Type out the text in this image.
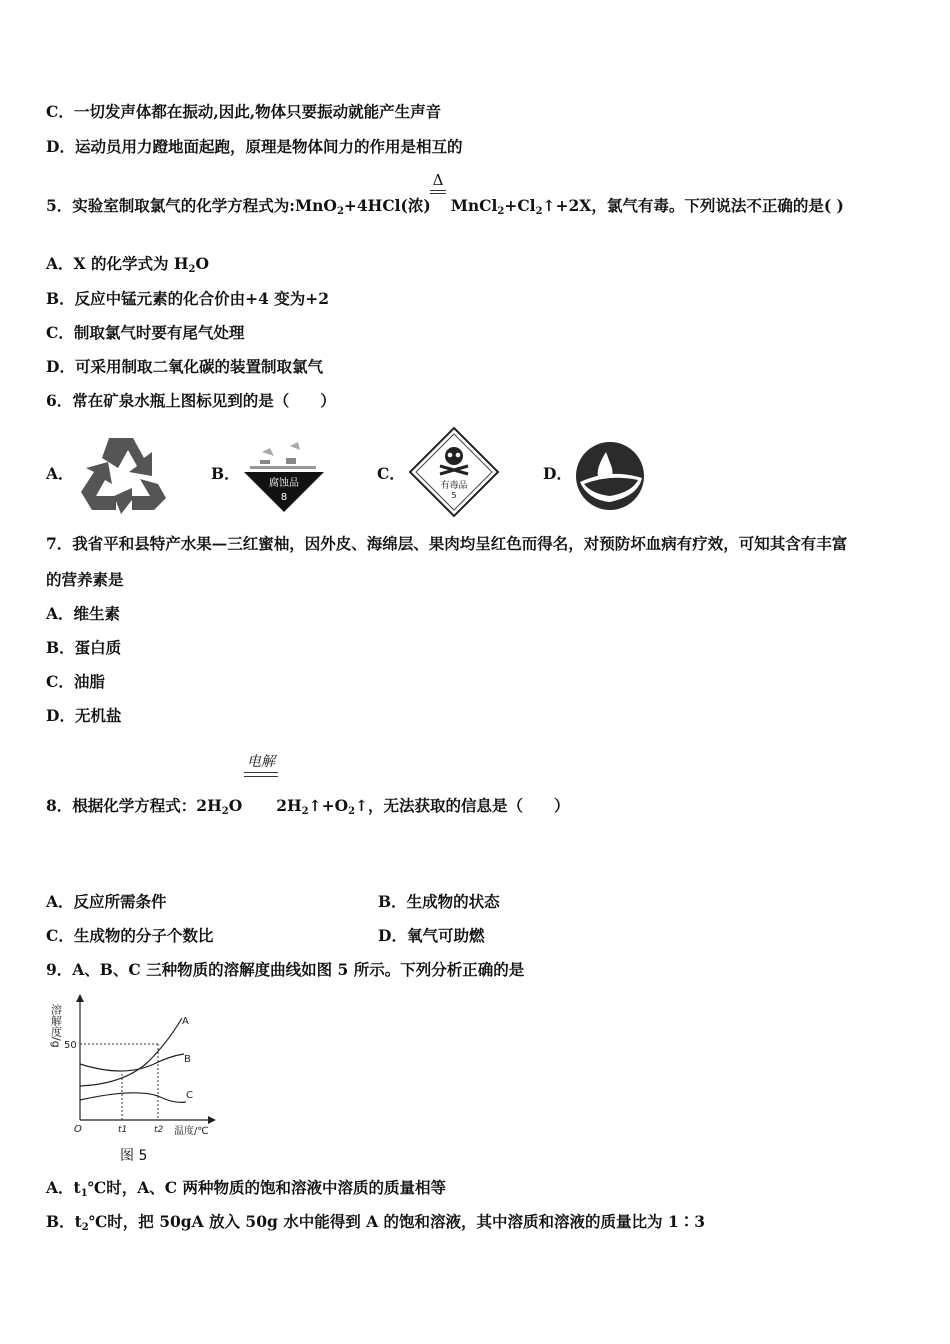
C．一切发声体都在振动,因此,物体只要振动就能产生声音
D．运动员用力蹬地面起跑，原理是物体间力的作用是相互的
Δ
5．实验室制取氯气的化学方程式为:MnO$_2$+4HCl(浓) $MnCl_2+Cl_2↑+2X$，氯气有毒。下列说法不正确的是( )
A．X 的化学式为 $H_2O$
B．反应中锰元素的化合价由+4 变为+2
C．制取氯气时要有尾气处理
D．可采用制取二氧化碳的装置制取氯气
6．常在矿泉水瓶上图标见到的是（　　）
A．	B．
腐蚀品
8
C．
有毒品
5
D．
7．我省平和县特产水果—三红蜜柚，因外皮、海绵层、果肉均呈红色而得名，对预防坏血病有疗效，可知其含有丰富
的营养素是
A．维生素
B．蛋白质
C．油脂
D．无机盐
电解
8．根据化学方程式：$2H_2O$ $2H_2↑+O_2↑$，无法获取的信息是（　　）
A．反应所需条件	B．生成物的状态
C．生成物的分子个数比	D．氧气可助燃
9．A、B、C 三种物质的溶解度曲线如图 5 所示。下列分析正确的是
溶解度/g 50
O	t1	t2 温度/℃
A
B
C
图 5
A．$t_1℃$时，A、C 两种物质的饱和溶液中溶质的质量相等
B．$t_2℃$时，把 50gA 放入 50g 水中能得到 A 的饱和溶液，其中溶质和溶液的质量比为 1∶3
